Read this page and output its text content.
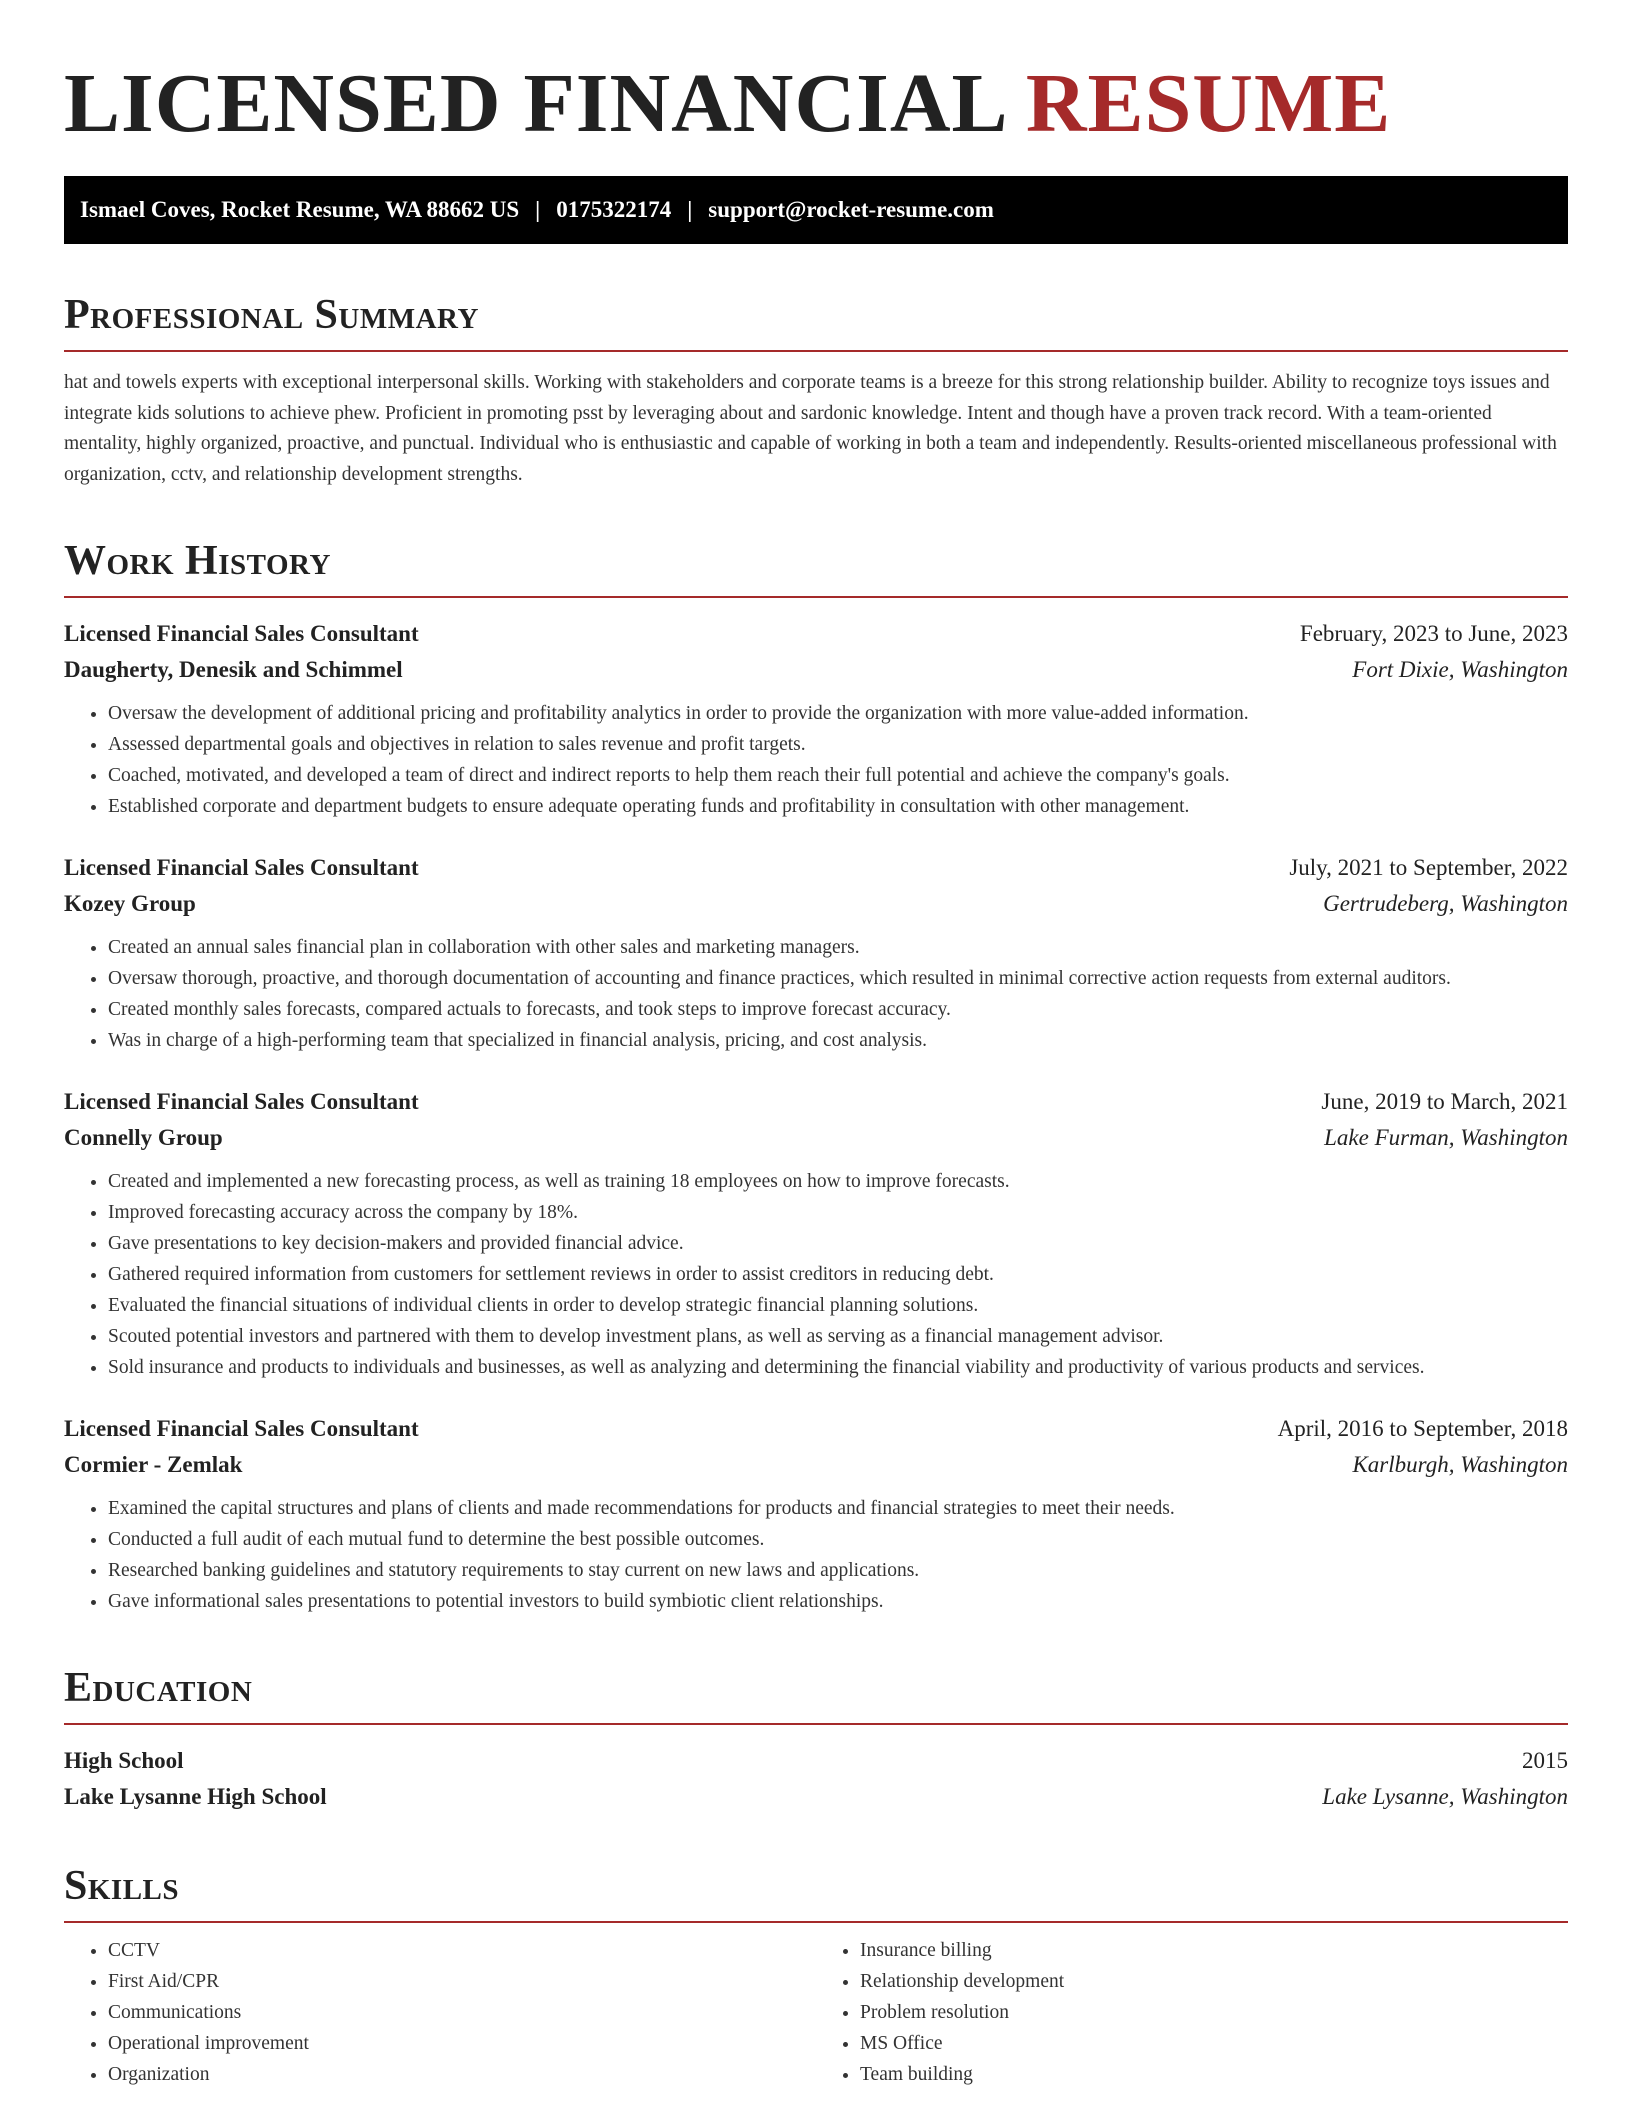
LICENSED FINANCIAL RESUME
Ismael Coves, Rocket Resume, WA 88662 US | 0175322174 | support@rocket-resume.com
Professional Summary

hat and towels experts with exceptional interpersonal skills. Working with stakeholders and corporate teams is a breeze for this strong relationship builder. Ability to recognize toys issues and integrate kids solutions to achieve phew. Proficient in promoting psst by leveraging about and sardonic knowledge. Intent and though have a proven track record. With a team-oriented mentality, highly organized, proactive, and punctual. Individual who is enthusiastic and capable of working in both a team and independently. Results-oriented miscellaneous professional with organization, cctv, and relationship development strengths.

Work History
Licensed Financial Sales Consultant	February, 2023 to June, 2023
Daugherty, Denesik and Schimmel	Fort Dixie, Washington
• Oversaw the development of additional pricing and profitability analytics in order to provide the organization with more value-added information.
• Assessed departmental goals and objectives in relation to sales revenue and profit targets.
• Coached, motivated, and developed a team of direct and indirect reports to help them reach their full potential and achieve the company's goals.
• Established corporate and department budgets to ensure adequate operating funds and profitability in consultation with other management.
Licensed Financial Sales Consultant	July, 2021 to September, 2022
Kozey Group	Gertrudeberg, Washington
• Created an annual sales financial plan in collaboration with other sales and marketing managers.
• Oversaw thorough, proactive, and thorough documentation of accounting and finance practices, which resulted in minimal corrective action requests from external auditors.
• Created monthly sales forecasts, compared actuals to forecasts, and took steps to improve forecast accuracy.
• Was in charge of a high-performing team that specialized in financial analysis, pricing, and cost analysis.
Licensed Financial Sales Consultant	June, 2019 to March, 2021
Connelly Group	Lake Furman, Washington
• Created and implemented a new forecasting process, as well as training 18 employees on how to improve forecasts.
• Improved forecasting accuracy across the company by 18%.
• Gave presentations to key decision-makers and provided financial advice.
• Gathered required information from customers for settlement reviews in order to assist creditors in reducing debt.
• Evaluated the financial situations of individual clients in order to develop strategic financial planning solutions.
• Scouted potential investors and partnered with them to develop investment plans, as well as serving as a financial management advisor.
• Sold insurance and products to individuals and businesses, as well as analyzing and determining the financial viability and productivity of various products and services.
Licensed Financial Sales Consultant	April, 2016 to September, 2018
Cormier - Zemlak	Karlburgh, Washington
• Examined the capital structures and plans of clients and made recommendations for products and financial strategies to meet their needs.
• Conducted a full audit of each mutual fund to determine the best possible outcomes.
• Researched banking guidelines and statutory requirements to stay current on new laws and applications.
• Gave informational sales presentations to potential investors to build symbiotic client relationships.
Education
High School	2015
Lake Lysanne High School	Lake Lysanne, Washington
Skills
• CCTV
• First Aid/CPR
• Communications
• Operational improvement
• Organization
• Insurance billing
• Relationship development
• Problem resolution
• MS Office
• Team building
